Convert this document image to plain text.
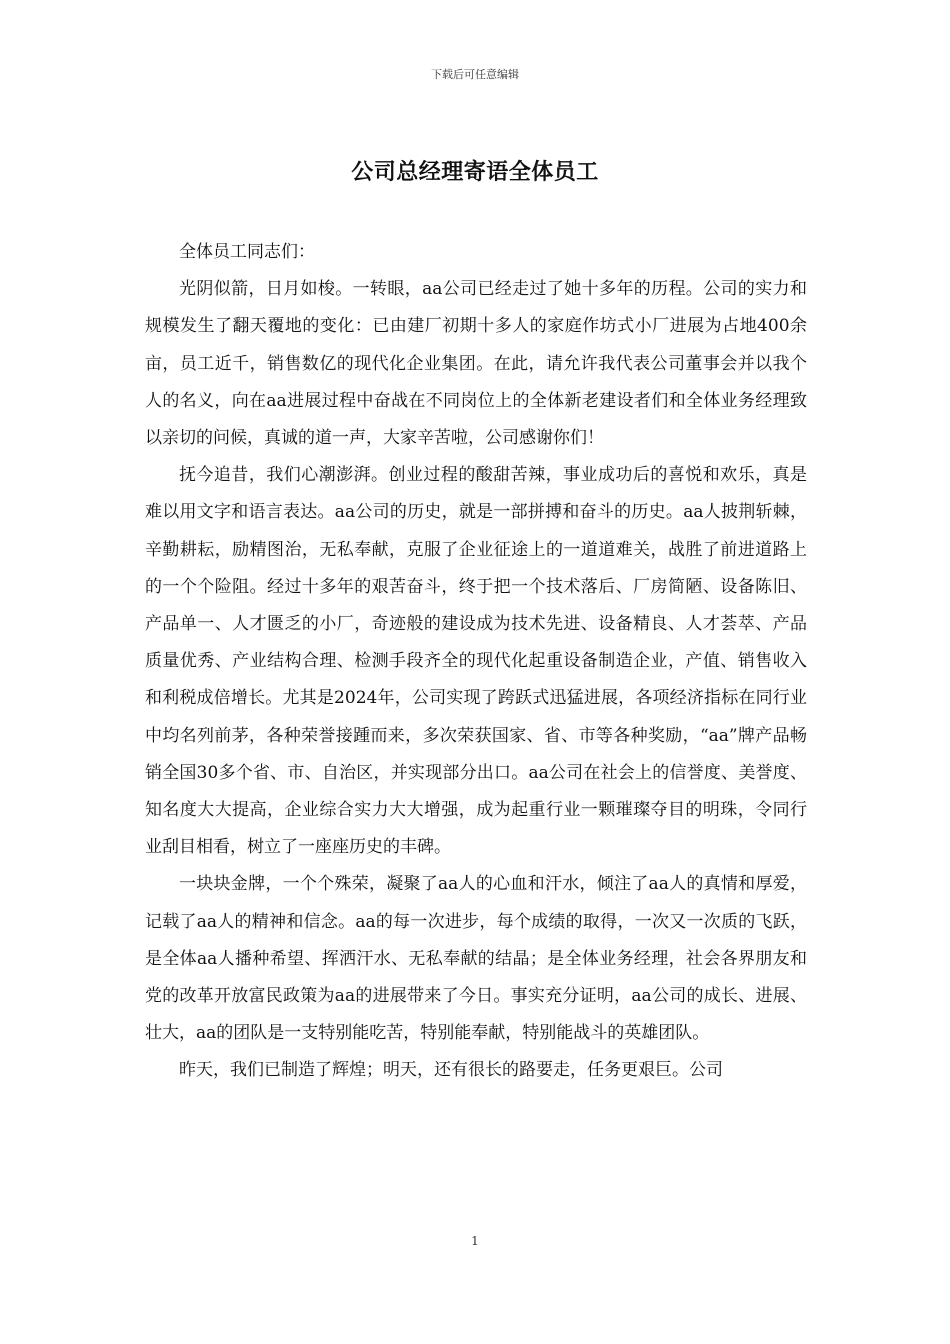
下载后可任意编辑
公司总经理寄语全体员工

全体员工同志们：

光阴似箭，日月如梭。一转眼，aa公司已经走过了她十多年的历程。公司的实力和规模发生了翻天覆地的变化：已由建厂初期十多人的家庭作坊式小厂进展为占地400余亩，员工近千，销售数亿的现代化企业集团。在此，请允许我代表公司董事会并以我个人的名义，向在aa进展过程中奋战在不同岗位上的全体新老建设者们和全体业务经理致以亲切的问候，真诚的道一声，大家辛苦啦，公司感谢你们！

抚今追昔，我们心潮澎湃。创业过程的酸甜苦辣，事业成功后的喜悦和欢乐，真是难以用文字和语言表达。aa公司的历史，就是一部拼搏和奋斗的历史。aa人披荆斩棘，辛勤耕耘，励精图治，无私奉献，克服了企业征途上的一道道难关，战胜了前进道路上的一个个险阻。经过十多年的艰苦奋斗，终于把一个技术落后、厂房简陋、设备陈旧、产品单一、人才匮乏的小厂，奇迹般的建设成为技术先进、设备精良、人才荟萃、产品质量优秀、产业结构合理、检测手段齐全的现代化起重设备制造企业，产值、销售收入和利税成倍增长。尤其是2024年，公司实现了跨跃式迅猛进展，各项经济指标在同行业中均名列前茅，各种荣誉接踵而来，多次荣获国家、省、市等各种奖励，“aa”牌产品畅销全国30多个省、市、自治区，并实现部分出口。aa公司在社会上的信誉度、美誉度、知名度大大提高，企业综合实力大大增强，成为起重行业一颗璀璨夺目的明珠，令同行业刮目相看，树立了一座座历史的丰碑。

一块块金牌，一个个殊荣，凝聚了aa人的心血和汗水，倾注了aa人的真情和厚爱，记载了aa人的精神和信念。aa的每一次进步，每个成绩的取得，一次又一次质的飞跃，是全体aa人播种希望、挥洒汗水、无私奉献的结晶；是全体业务经理，社会各界朋友和党的改革开放富民政策为aa的进展带来了今日。事实充分证明，aa公司的成长、进展、壮大，aa的团队是一支特别能吃苦，特别能奉献，特别能战斗的英雄团队。

昨天，我们已制造了辉煌；明天，还有很长的路要走，任务更艰巨。公司

1
